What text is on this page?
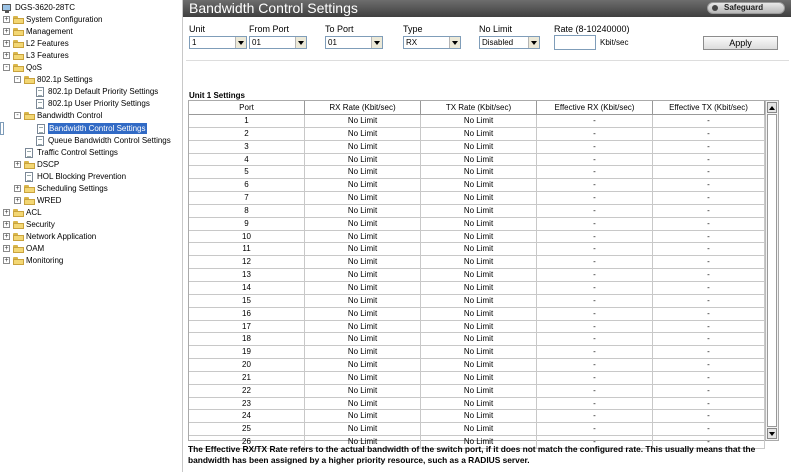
DGS-3620-28TC
+ System Configuration
+ Management
+ L2 Features
+ L3 Features
- QoS
- 802.1p Settings
802.1p Default Priority Settings
802.1p User Priority Settings
- Bandwidth Control
Bandwidth Control Settings
Queue Bandwidth Control Settings
Traffic Control Settings
+ DSCP
HOL Blocking Prevention
+ Scheduling Settings
+ WRED
+ ACL
+ Security
+ Network Application
+ OAM
+ Monitoring
Bandwidth Control Settings	Safeguard
Unit
1
From Port
01
To Port
01
Type
RX
No Limit
Disabled
Rate (8-10240000)
Kbit/sec	Apply
Unit 1 Settings
Port	RX Rate (Kbit/sec)	TX Rate (Kbit/sec)	Effective RX (Kbit/sec)	Effective TX (Kbit/sec)
1	No Limit	No Limit	-	-
2	No Limit	No Limit	-	-
3	No Limit	No Limit	-	-
4	No Limit	No Limit	-	-
5	No Limit	No Limit	-	-
6	No Limit	No Limit	-	-
7	No Limit	No Limit	-	-
8	No Limit	No Limit	-	-
9	No Limit	No Limit	-	-
10	No Limit	No Limit	-	-
11	No Limit	No Limit	-	-
12	No Limit	No Limit	-	-
13	No Limit	No Limit	-	-
14	No Limit	No Limit	-	-
15	No Limit	No Limit	-	-
16	No Limit	No Limit	-	-
17	No Limit	No Limit	-	-
18	No Limit	No Limit	-	-
19	No Limit	No Limit	-	-
20	No Limit	No Limit	-	-
21	No Limit	No Limit	-	-
22	No Limit	No Limit	-	-
23	No Limit	No Limit	-	-
24	No Limit	No Limit	-	-
25	No Limit	No Limit	-	-
26	No Limit	No Limit	-	-
The Effective RX/TX Rate refers to the actual bandwidth of the switch port, if it does not match the configured rate. This usually means that the bandwidth has been assigned by a higher priority resource, such as a RADIUS server.
